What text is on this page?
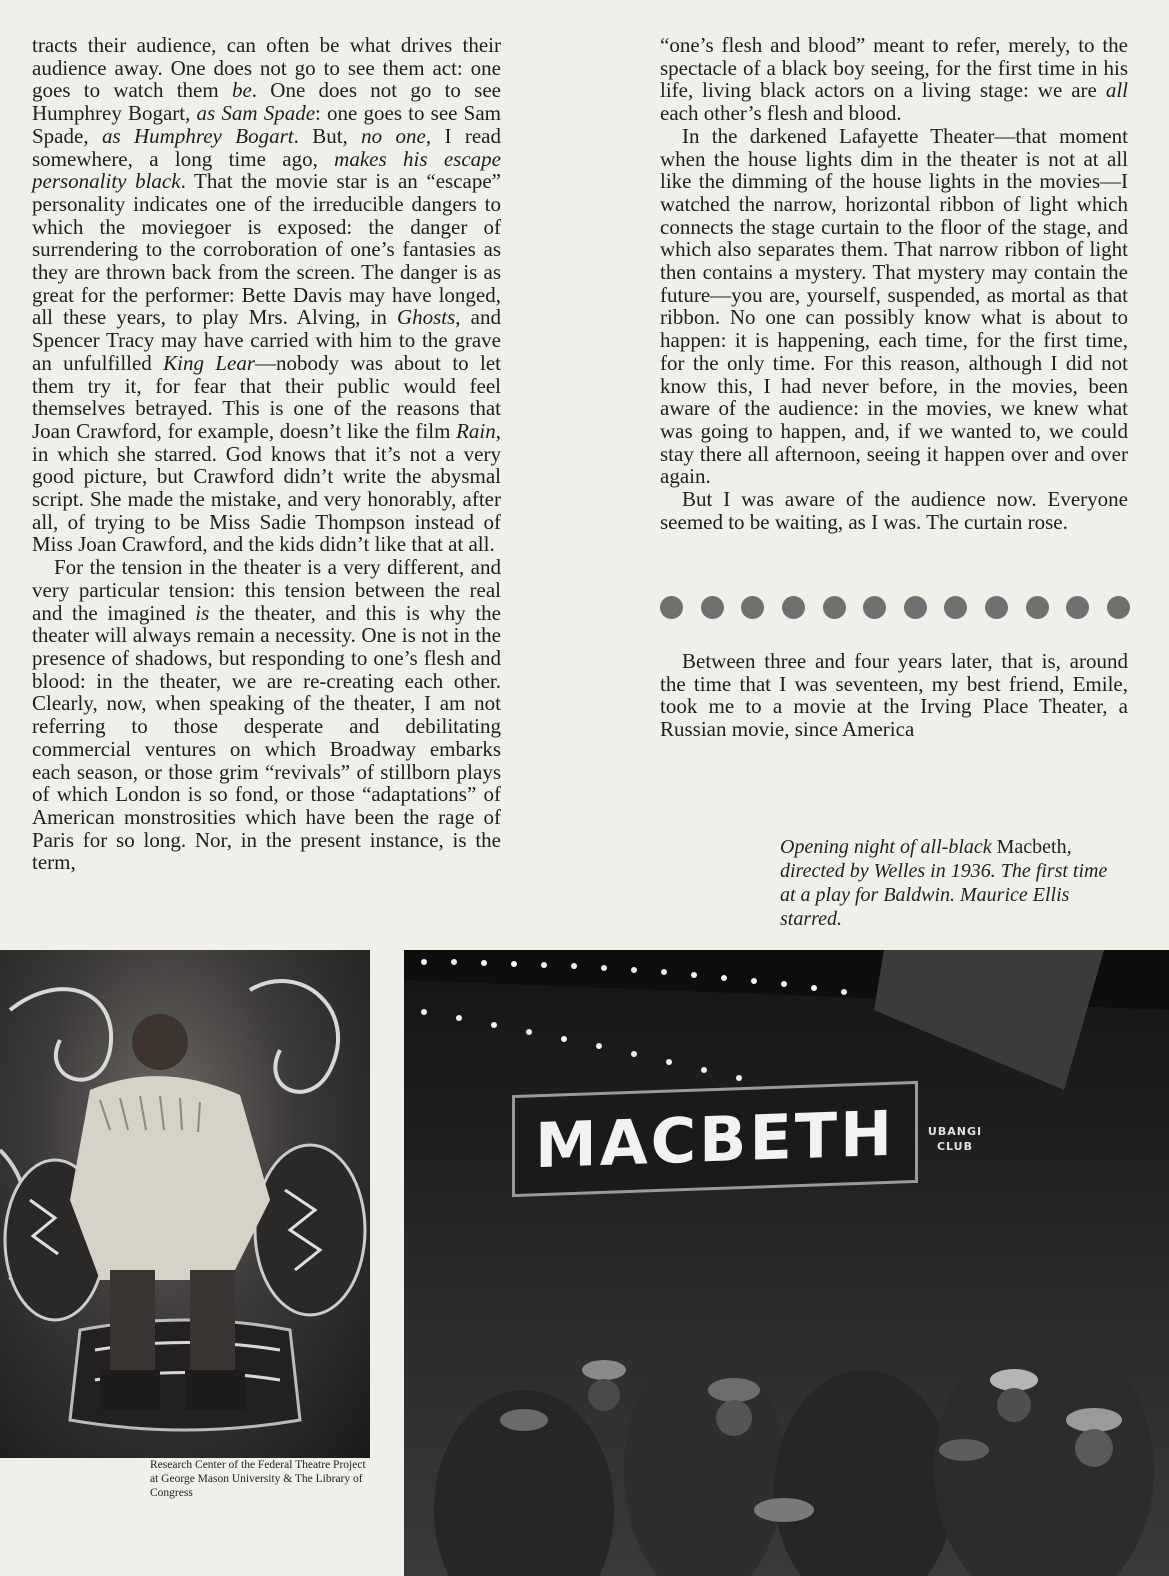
tracts their audience, can often be what drives their audience away. One does not go to see them act: one goes to watch them be. One does not go to see Humphrey Bogart, as Sam Spade: one goes to see Sam Spade, as Humphrey Bogart. But, no one, I read somewhere, a long time ago, makes his escape personality black. That the movie star is an “escape” personality indicates one of the irreducible dangers to which the moviegoer is exposed: the danger of surrendering to the corroboration of one’s fantasies as they are thrown back from the screen. The danger is as great for the performer: Bette Davis may have longed, all these years, to play Mrs. Alving, in Ghosts, and Spencer Tracy may have carried with him to the grave an unfulfilled King Lear—nobody was about to let them try it, for fear that their public would feel themselves betrayed. This is one of the reasons that Joan Crawford, for example, doesn’t like the film Rain, in which she starred. God knows that it’s not a very good picture, but Crawford didn’t write the abysmal script. She made the mistake, and very honorably, after all, of trying to be Miss Sadie Thompson instead of Miss Joan Crawford, and the kids didn’t like that at all.

For the tension in the theater is a very different, and very particular tension: this tension between the real and the imagined is the theater, and this is why the theater will always remain a necessity. One is not in the presence of shadows, but responding to one’s flesh and blood: in the theater, we are re-creating each other. Clearly, now, when speaking of the theater, I am not referring to those desperate and debilitating commercial ventures on which Broadway embarks each season, or those grim “revivals” of stillborn plays of which London is so fond, or those “adaptations” of American monstrosities which have been the rage of Paris for so long. Nor, in the present instance, is the term,

“one’s flesh and blood” meant to refer, merely, to the spectacle of a black boy seeing, for the first time in his life, living black actors on a living stage: we are all each other’s flesh and blood.

In the darkened Lafayette Theater—that moment when the house lights dim in the theater is not at all like the dimming of the house lights in the movies—I watched the narrow, horizontal ribbon of light which connects the stage curtain to the floor of the stage, and which also separates them. That narrow ribbon of light then contains a mystery. That mystery may contain the future—you are, yourself, suspended, as mortal as that ribbon. No one can possibly know what is about to happen: it is happening, each time, for the first time, for the only time. For this reason, although I did not know this, I had never before, in the movies, been aware of the audience: in the movies, we knew what was going to happen, and, if we wanted to, we could stay there all afternoon, seeing it happen over and over again.

But I was aware of the audience now. Everyone seemed to be waiting, as I was. The curtain rose.

Between three and four years later, that is, around the time that I was seventeen, my best friend, Emile, took me to a movie at the Irving Place Theater, a Russian movie, since America

Opening night of all-black Macbeth, directed by Welles in 1936. The first time at a play for Baldwin. Maurice Ellis starred.
Research Center of the Federal Theatre Project at George Mason University & The Library of Congress
MACBETH	UBANGI
CLUB
